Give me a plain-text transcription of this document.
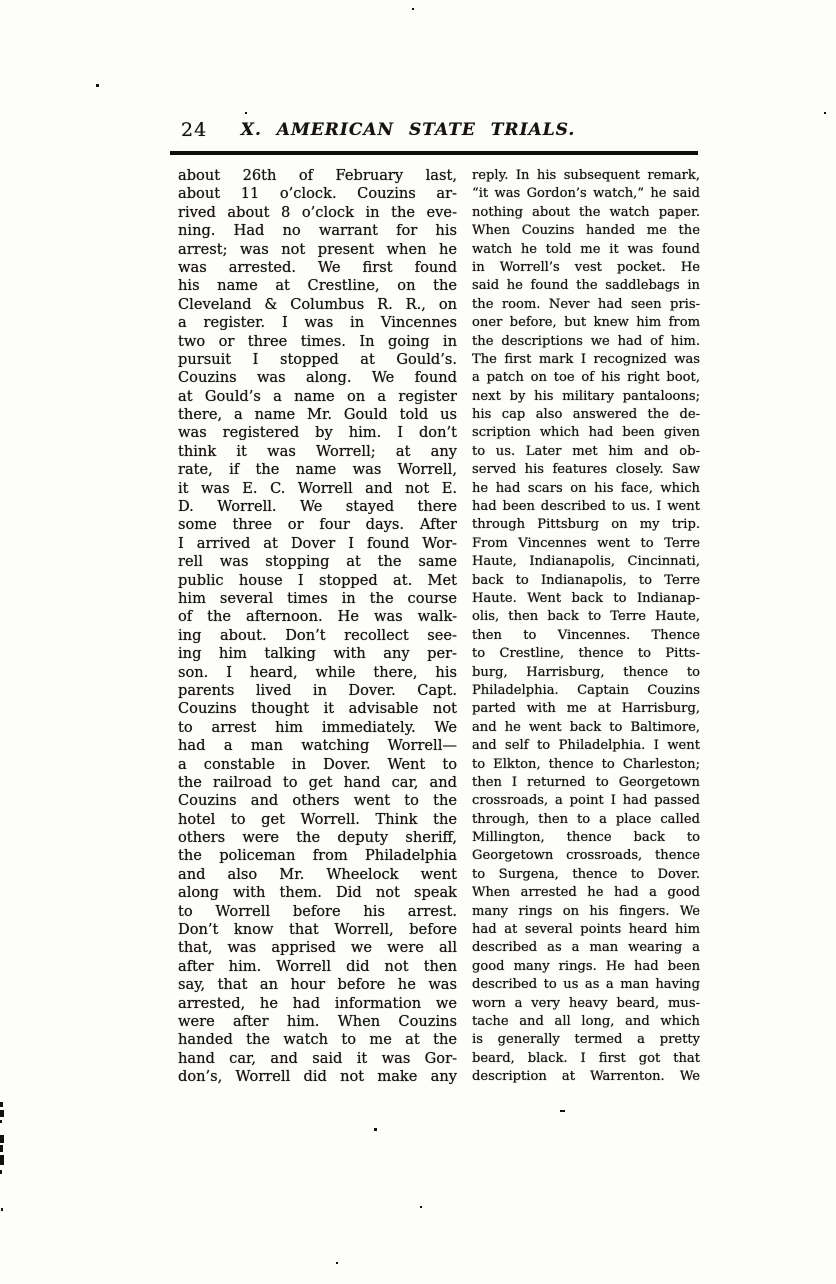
24	X. AMERICAN STATE TRIALS.
about 26th of February last,
about 11 o’clock. Couzins ar-
rived about 8 o’clock in the eve-
ning. Had no warrant for his
arrest; was not present when he
was arrested. We first found
his name at Crestline, on the
Cleveland & Columbus R. R., on
a register. I was in Vincennes
two or three times. In going in
pursuit I stopped at Gould’s.
Couzins was along. We found
at Gould’s a name on a register
there, a name Mr. Gould told us
was registered by him. I don’t
think it was Worrell; at any
rate, if the name was Worrell,
it was E. C. Worrell and not E.
D. Worrell. We stayed there
some three or four days. After
I arrived at Dover I found Wor-
rell was stopping at the same
public house I stopped at. Met
him several times in the course
of the afternoon. He was walk-
ing about. Don’t recollect see-
ing him talking with any per-
son. I heard, while there, his
parents lived in Dover. Capt.
Couzins thought it advisable not
to arrest him immediately. We
had a man watching Worrell—
a constable in Dover. Went to
the railroad to get hand car, and
Couzins and others went to the
hotel to get Worrell. Think the
others were the deputy sheriff,
the policeman from Philadelphia
and also Mr. Wheelock went
along with them. Did not speak
to Worrell before his arrest.
Don’t know that Worrell, before
that, was apprised we were all
after him. Worrell did not then
say, that an hour before he was
arrested, he had information we
were after him. When Couzins
handed the watch to me at the
hand car, and said it was Gor-
don’s, Worrell did not make any
reply. In his subsequent remark,
“it was Gordon’s watch,” he said
nothing about the watch paper.
When Couzins handed me the
watch he told me it was found
in Worrell’s vest pocket. He
said he found the saddlebags in
the room. Never had seen pris-
oner before, but knew him from
the descriptions we had of him.
The first mark I recognized was
a patch on toe of his right boot,
next by his military pantaloons;
his cap also answered the de-
scription which had been given
to us. Later met him and ob-
served his features closely. Saw
he had scars on his face, which
had been described to us. I went
through Pittsburg on my trip.
From Vincennes went to Terre
Haute, Indianapolis, Cincinnati,
back to Indianapolis, to Terre
Haute. Went back to Indianap-
olis, then back to Terre Haute,
then to Vincennes. Thence
to Crestline, thence to Pitts-
burg, Harrisburg, thence to
Philadelphia. Captain Couzins
parted with me at Harrisburg,
and he went back to Baltimore,
and self to Philadelphia. I went
to Elkton, thence to Charleston;
then I returned to Georgetown
crossroads, a point I had passed
through, then to a place called
Millington, thence back to
Georgetown crossroads, thence
to Surgena, thence to Dover.
When arrested he had a good
many rings on his fingers. We
had at several points heard him
described as a man wearing a
good many rings. He had been
described to us as a man having
worn a very heavy beard, mus-
tache and all long, and which
is generally termed a pretty
beard, black. I first got that
description at Warrenton. We
